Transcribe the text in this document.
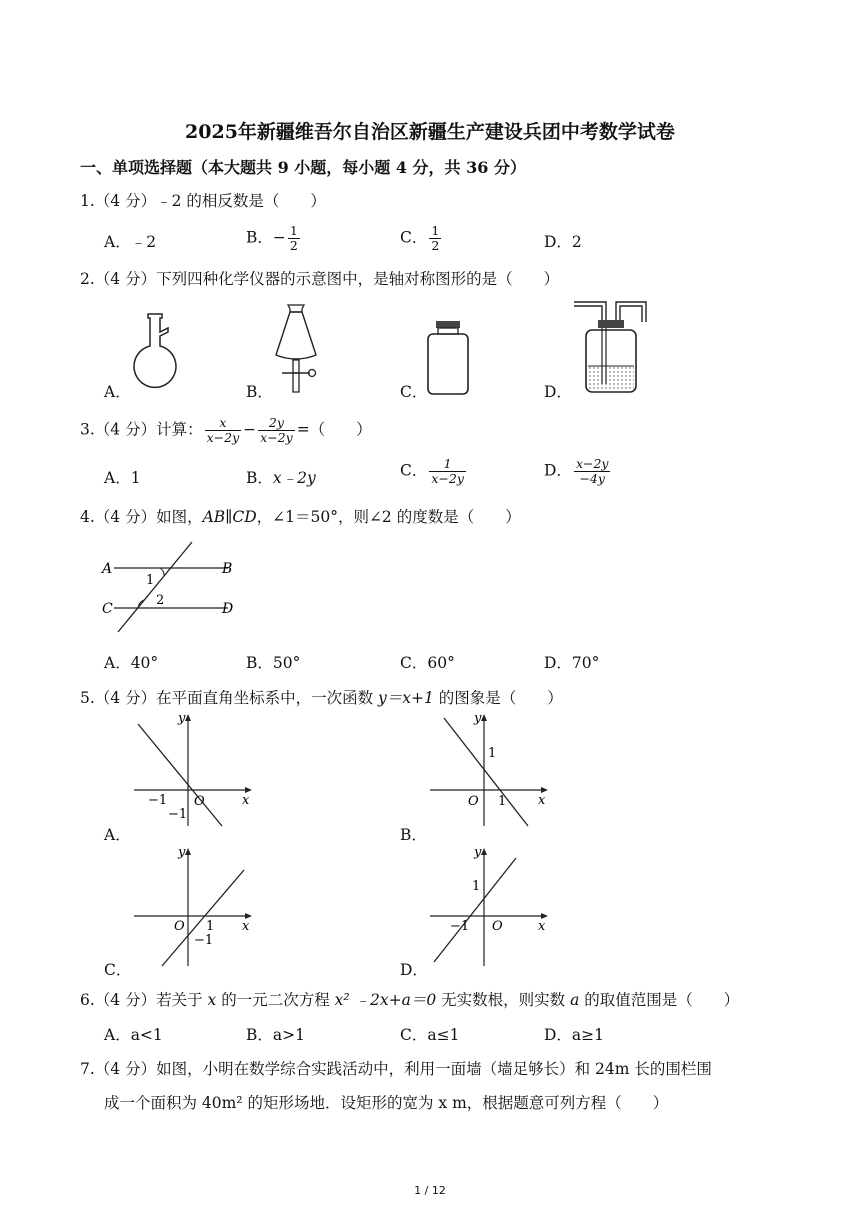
2025年新疆维吾尔自治区新疆生产建设兵团中考数学试卷
一、单项选择题（本大题共 9 小题，每小题 4 分，共 36 分）
1.（4 分）﹣2 的相反数是（　　）
A．﹣2	B．− $\frac{1}{2}$	C． $\frac{1}{2}$	D．2
2.（4 分）下列四种化学仪器的示意图中，是轴对称图形的是（　　）
A．	B．	C．	D．
3.（4 分）计算： $\frac{x}{x-2y} - \frac{2y}{x-2y}$ =（　　）
A．1	B．x﹣2y	C． $\frac{1}{x-2y}$	D． $\frac{x-2y}{-4y}$
4.（4 分）如图，AB∥CD，∠1＝50°，则∠2 的度数是（　　）
A	B
C	D
1
2
A．40°	B．50°	C．60°	D．70°
5.（4 分）在平面直角坐标系中，一次函数 y＝x+1 的图象是（　　）
y
x
O
−1
−1
A．
y
x
O
1
1
B．
y
x
O 1
−1
C．
y
x
O
1
−1
D．
6.（4 分）若关于 x 的一元二次方程 x² ﹣2x+a＝0 无实数根，则实数 a 的取值范围是（　　）
A．a<1	B．a>1	C．a≤1	D．a≥1
7.（4 分）如图，小明在数学综合实践活动中，利用一面墙（墙足够长）和 24m 长的围栏围
成一个面积为 40m² 的矩形场地．设矩形的宽为 x m，根据题意可列方程（　　）
1 / 12
